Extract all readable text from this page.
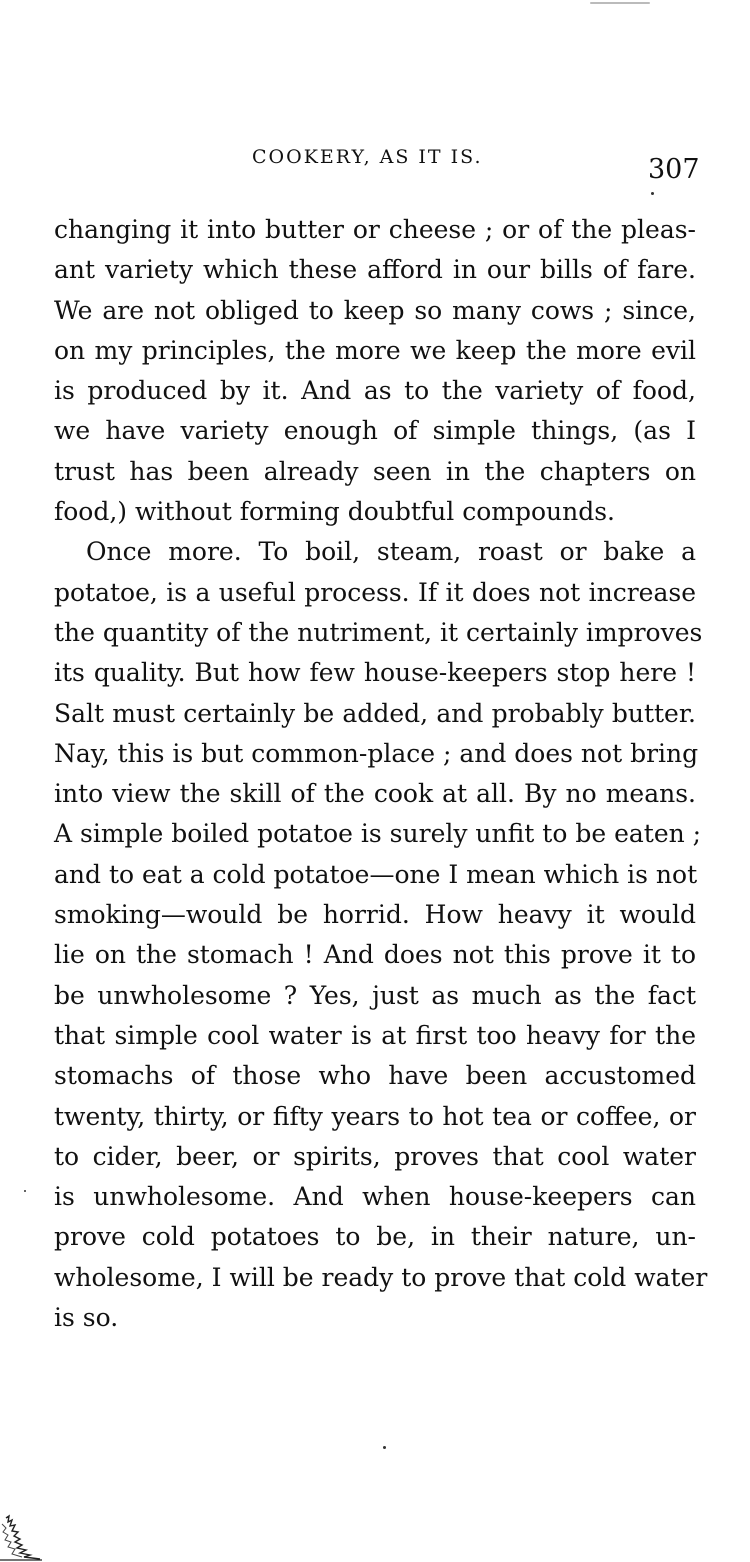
COOKERY, AS IT IS.	307
changing it into butter or cheese ; or of the pleas-
ant variety which these afford in our bills of fare.
We are not obliged to keep so many cows ; since,
on my principles, the more we keep the more evil
is produced by it. And as to the variety of food,
we have variety enough of simple things, (as I
trust has been already seen in the chapters on
food,) without forming doubtful compounds.
Once more. To boil, steam, roast or bake a
potatoe, is a useful process. If it does not increase
the quantity of the nutriment, it certainly improves
its quality. But how few house-keepers stop here !
Salt must certainly be added, and probably butter.
Nay, this is but common-place ; and does not bring
into view the skill of the cook at all. By no means.
A simple boiled potatoe is surely unfit to be eaten ;
and to eat a cold potatoe—one I mean which is not
smoking—would be horrid. How heavy it would
lie on the stomach ! And does not this prove it to
be unwholesome ? Yes, just as much as the fact
that simple cool water is at first too heavy for the
stomachs of those who have been accustomed
twenty, thirty, or fifty years to hot tea or coffee, or
to cider, beer, or spirits, proves that cool water
is unwholesome. And when house-keepers can
prove cold potatoes to be, in their nature, un-
wholesome, I will be ready to prove that cold water
is so.
